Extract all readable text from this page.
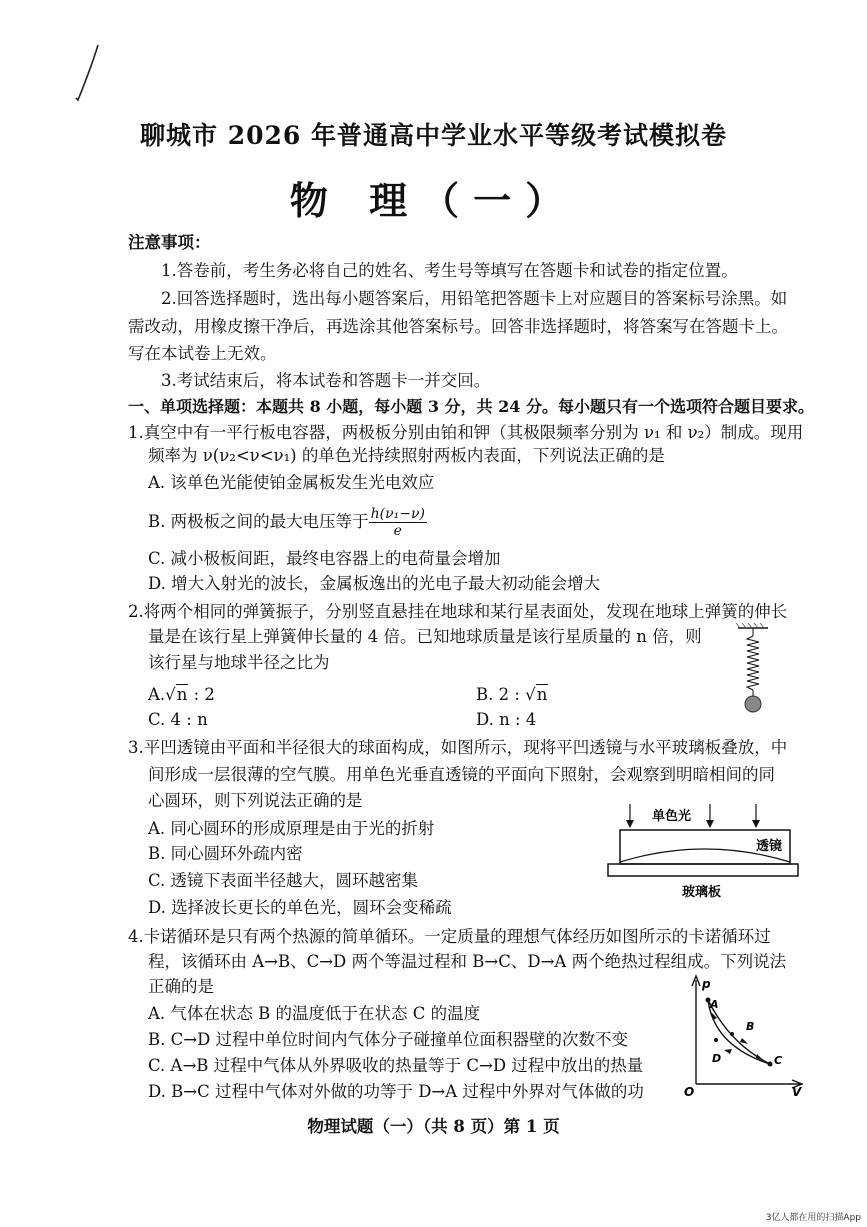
聊城市 2026 年普通高中学业水平等级考试模拟卷
物 理（一）
注意事项：
1.答卷前，考生务必将自己的姓名、考生号等填写在答题卡和试卷的指定位置。
2.回答选择题时，选出每小题答案后，用铅笔把答题卡上对应题目的答案标号涂黑。如
需改动，用橡皮擦干净后，再选涂其他答案标号。回答非选择题时，将答案写在答题卡上。
写在本试卷上无效。
3.考试结束后，将本试卷和答题卡一并交回。
一、单项选择题：本题共 8 小题，每小题 3 分，共 24 分。每小题只有一个选项符合题目要求。
1.真空中有一平行板电容器，两极板分别由铂和钾（其极限频率分别为 ν₁ 和 ν₂）制成。现用
频率为 ν(ν₂<ν<ν₁) 的单色光持续照射两板内表面，下列说法正确的是
A. 该单色光能使铂金属板发生光电效应
B. 两极板之间的最大电压等于 $\frac{\text{h(ν₁−ν)}}{e}$
C. 减小极板间距，最终电容器上的电荷量会增加
D. 增大入射光的波长，金属板逸出的光电子最大初动能会增大
2.将两个相同的弹簧振子，分别竖直悬挂在地球和某行星表面处，发现在地球上弹簧的伸长
量是在该行星上弹簧伸长量的 4 倍。已知地球质量是该行星质量的 n 倍，则
该行星与地球半径之比为
A.√n : 2	B. 2 : √n
C. 4 : n	D. n : 4
3.平凹透镜由平面和半径很大的球面构成，如图所示，现将平凹透镜与水平玻璃板叠放，中
间形成一层很薄的空气膜。用单色光垂直透镜的平面向下照射，会观察到明暗相间的同
心圆环，则下列说法正确的是
A. 同心圆环的形成原理是由于光的折射
B. 同心圆环外疏内密
C. 透镜下表面半径越大，圆环越密集
D. 选择波长更长的单色光，圆环会变稀疏
单色光
透镜
玻璃板
4.卡诺循环是只有两个热源的简单循环。一定质量的理想气体经历如图所示的卡诺循环过
程，该循环由 A→B、C→D 两个等温过程和 B→C、D→A 两个绝热过程组成。下列说法
正确的是
A. 气体在状态 B 的温度低于在状态 C 的温度
B. C→D 过程中单位时间内气体分子碰撞单位面积器壁的次数不变
C. A→B 过程中气体从外界吸收的热量等于 C→D 过程中放出的热量
D. B→C 过程中气体对外做的功等于 D→A 过程中外界对气体做的功
p
V
O
A
B
C
D
物理试题（一）（共 8 页）第 1 页
3亿人都在用的扫描App
